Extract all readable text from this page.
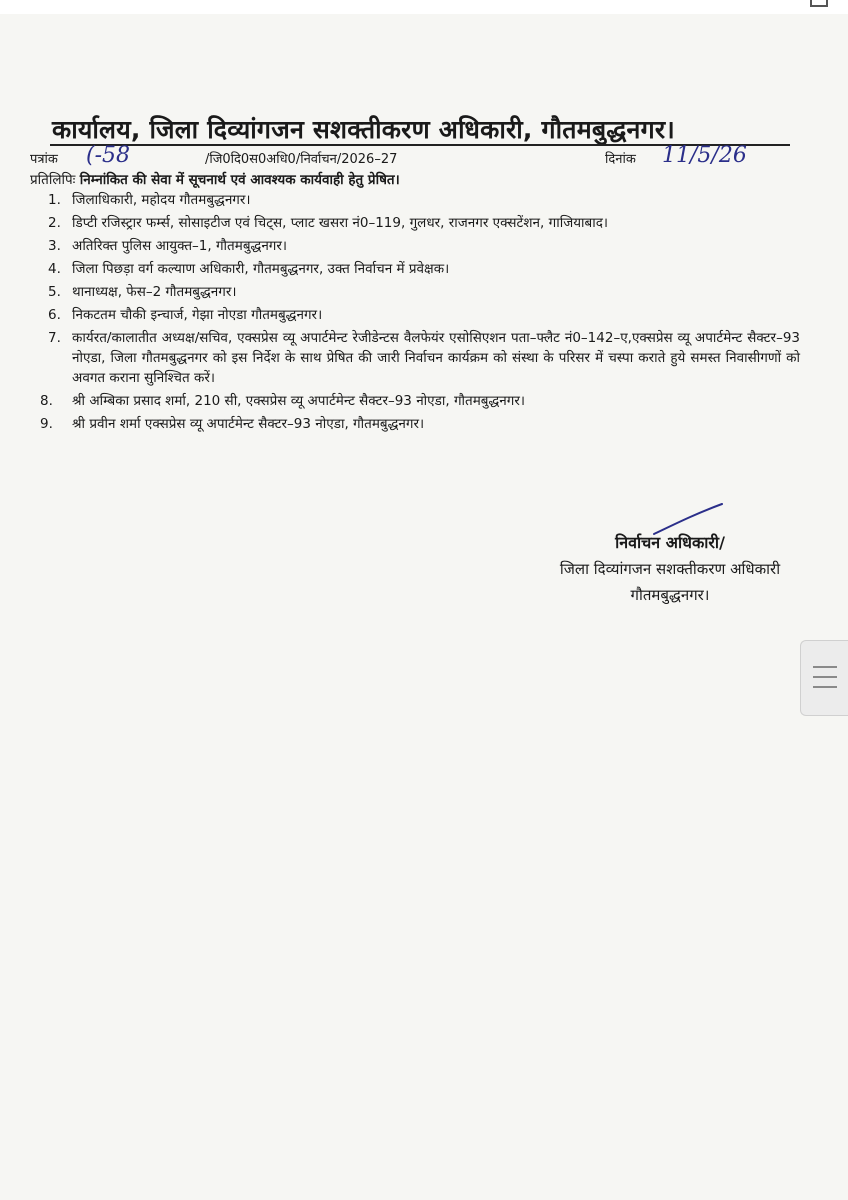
कार्यालय, जिला दिव्यांगजन सशक्तीकरण अधिकारी, गौतमबुद्धनगर।
पत्रांक (-58	/जि0दि0स0अधि0/निर्वाचन/2026–27	दिनांक 11/5/26
प्रतिलिपिः निम्नांकित की सेवा में सूचनार्थ एवं आवश्यक कार्यवाही हेतु प्रेषित।
1. जिलाधिकारी, महोदय गौतमबुद्धनगर।
2. डिप्टी रजिस्ट्रार फर्म्स, सोसाइटीज एवं चिट्स, प्लाट खसरा नं0–119, गुलधर, राजनगर एक्सटेंशन, गाजियाबाद।
3. अतिरिक्त पुलिस आयुक्त–1, गौतमबुद्धनगर।
4. जिला पिछड़ा वर्ग कल्याण अधिकारी, गौतमबुद्धनगर, उक्त निर्वाचन में प्रवेक्षक।
5. थानाध्यक्ष, फेस–2 गौतमबुद्धनगर।
6. निकटतम चौकी इन्चार्ज, गेझा नोएडा गौतमबुद्धनगर।
7. कार्यरत/कालातीत अध्यक्ष/सचिव, एक्सप्रेस व्यू अपार्टमेन्ट रेजीडेन्टस वैलफेयंर एसोसिएशन पता–फ्लैट नं0–142–ए,एक्सप्रेस व्यू अपार्टमेन्ट सैक्टर–93 नोएडा, जिला गौतमबुद्धनगर को इस निर्देश के साथ प्रेषित की जारी निर्वाचन कार्यक्रम को संस्था के परिसर में चस्पा कराते हुये समस्त निवासीगणों को अवगत कराना सुनिश्चित करें।
8. श्री अम्बिका प्रसाद शर्मा, 210 सी, एक्सप्रेस व्यू अपार्टमेन्ट सैक्टर–93 नोएडा, गौतमबुद्धनगर।
9. श्री प्रवीन शर्मा एक्सप्रेस व्यू अपार्टमेन्ट सैक्टर–93 नोएडा, गौतमबुद्धनगर।
निर्वाचन अधिकारी/
जिला दिव्यांगजन सशक्तीकरण अधिकारी
गौतमबुद्धनगर।
